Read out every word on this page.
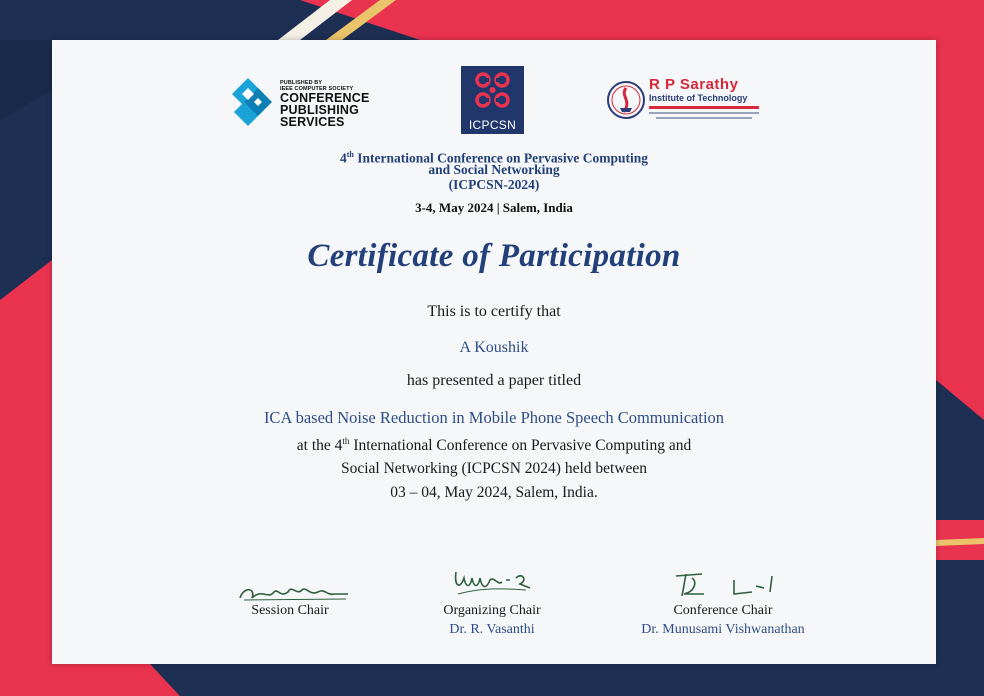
PUBLISHED BY
IEEE COMPUTER SOCIETY
CONFERENCE
PUBLISHING
SERVICES	ICPCSN
R P Sarathy
Institute of Technology
4th International Conference on Pervasive Computing
and Social Networking
(ICPCSN-2024)
3-4, May 2024 | Salem, India
Certificate of Participation
This is to certify that
A Koushik
has presented a paper titled
ICA based Noise Reduction in Mobile Phone Speech Communication
at the 4th International Conference on Pervasive Computing and
Social Networking (ICPCSN 2024) held between
03 – 04, May 2024, Salem, India.
Session Chair	Organizing Chair
Dr. R. Vasanthi
Conference Chair
Dr. Munusami Vishwanathan
